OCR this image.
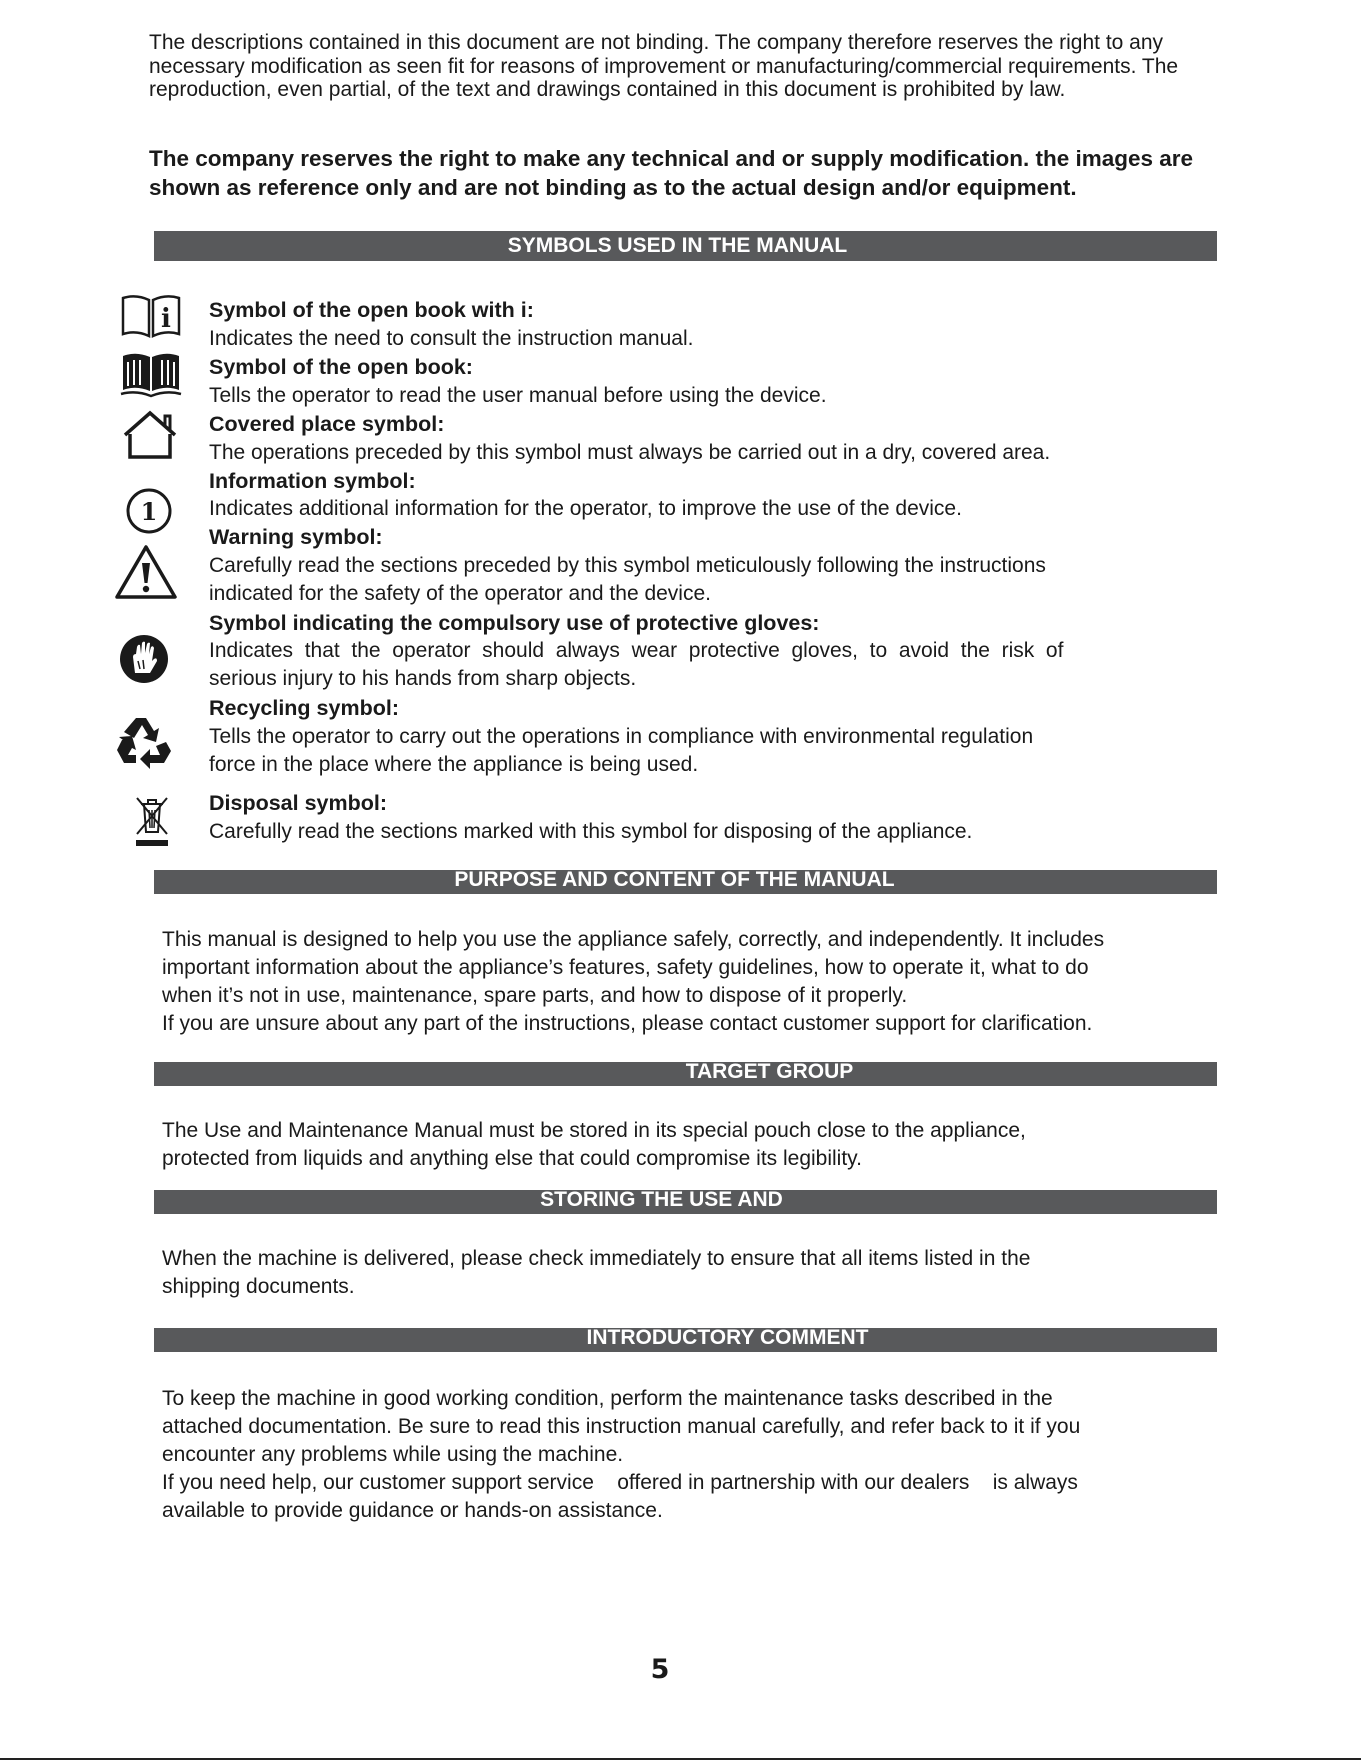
The descriptions contained in this document are not binding. The company therefore reserves the right to any necessary modification as seen fit for reasons of improvement or manufacturing/commercial requirements. The reproduction, even partial, of the text and drawings contained in this document is prohibited by law.
The company reserves the right to make any technical and or supply modification. the images are shown as reference only and are not binding as to the actual design and/or equipment.
SYMBOLS USED IN THE MANUAL
i
1
Symbol of the open book with i:
Indicates the need to consult the instruction manual.
Symbol of the open book:
Tells the operator to read the user manual before using the device.
Covered place symbol:
The operations preceded by this symbol must always be carried out in a dry, covered area.
Information symbol:
Indicates additional information for the operator, to improve the use of the device.
Warning symbol:
Carefully read the sections preceded by this symbol meticulously following the instructions
indicated for the safety of the operator and the device.
Symbol indicating the compulsory use of protective gloves:
Indicates  that  the  operator  should  always  wear  protective  gloves,  to  avoid  the  risk  of
serious injury to his hands from sharp objects.
Recycling symbol:
Tells the operator to carry out the operations in compliance with environmental regulation
force in the place where the appliance is being used.
Disposal symbol:
Carefully read the sections marked with this symbol for disposing of the appliance.
PURPOSE AND CONTENT OF THE MANUAL
This manual is designed to help you use the appliance safely, correctly, and independently. It includes
important information about the appliance’s features, safety guidelines, how to operate it, what to do
when it’s not in use, maintenance, spare parts, and how to dispose of it properly.
If you are unsure about any part of the instructions, please contact customer support for clarification.
TARGET GROUP
The Use and Maintenance Manual must be stored in its special pouch close to the appliance,
protected from liquids and anything else that could compromise its legibility.
STORING THE USE AND
When the machine is delivered, please check immediately to ensure that all items listed in the
shipping documents.
INTRODUCTORY COMMENT
To keep the machine in good working condition, perform the maintenance tasks described in the
attached documentation. Be sure to read this instruction manual carefully, and refer back to it if you
encounter any problems while using the machine.
If you need help, our customer support service    offered in partnership with our dealers    is always
available to provide guidance or hands-on assistance.
5
